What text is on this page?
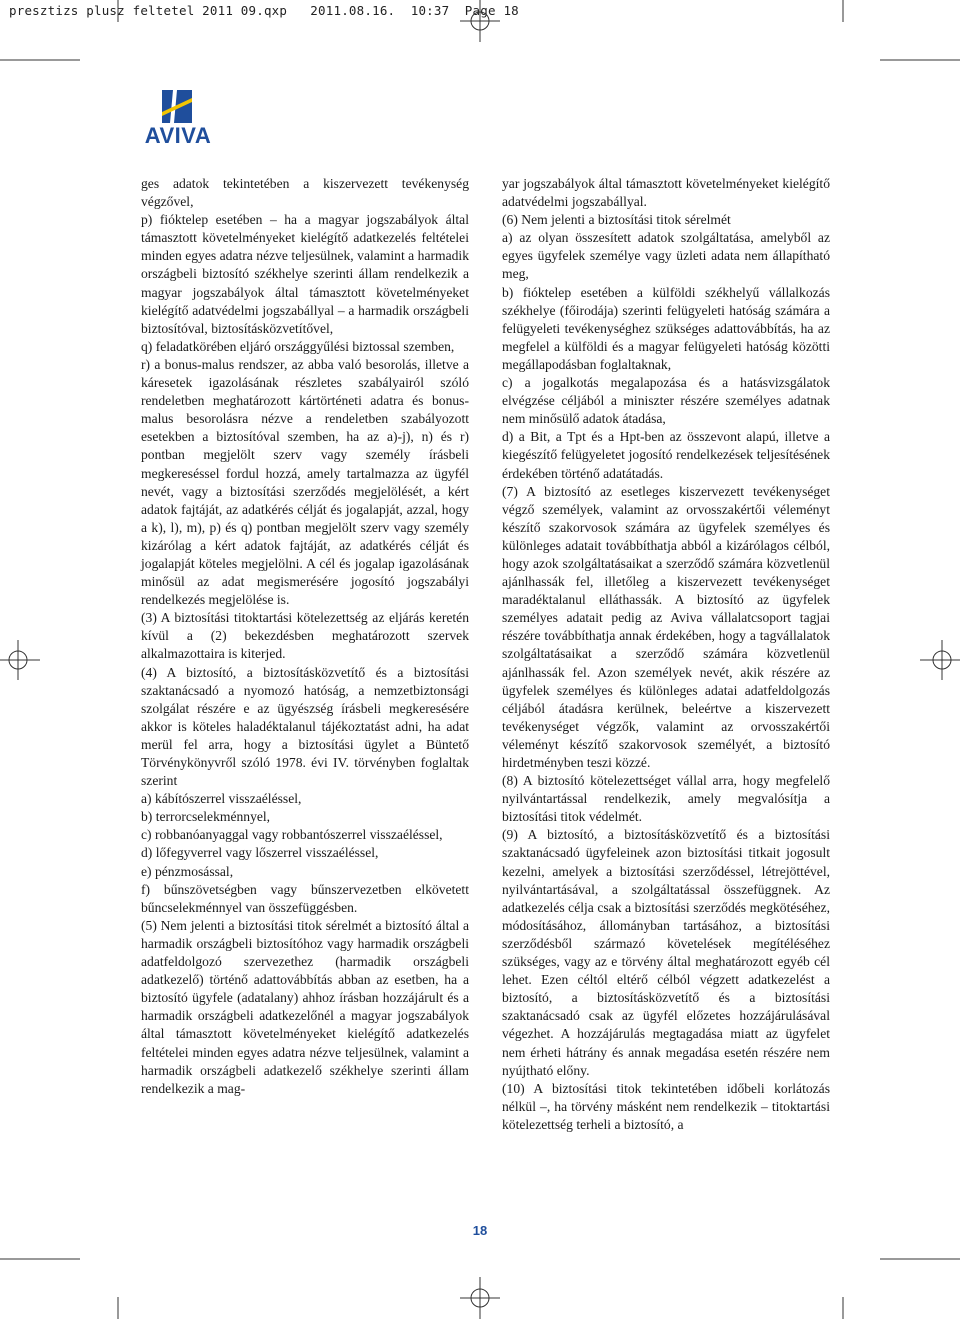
presztizs plusz feltetel 2011 09.qxp   2011.08.16.  10:37  Page 18
AVIVA

ges adatok tekintetében a kiszervezett tevékenység végzővel,

p) fióktelep esetében – ha a magyar jogszabályok által támasztott követelményeket kielégítő adatkezelés feltételei minden egyes adatra nézve teljesülnek, valamint a harmadik országbeli biztosító székhelye szerinti állam rendelkezik a magyar jogszabályok által támasztott követelményeket kielégítő adatvédelmi jogszabállyal – a harmadik országbeli biztosítóval, biztosításközvetítővel,

q) feladatkörében eljáró országgyűlési biztossal szemben,

r) a bonus-malus rendszer, az abba való besorolás, illetve a káresetek igazolásának részletes szabályairól szóló rendeletben meghatározott kártörténeti adatra és bonus-malus besorolásra nézve a rendeletben szabályozott esetekben a biztosítóval szemben, ha az a)-j), n) és r) pontban megjelölt szerv vagy személy írásbeli megkereséssel fordul hozzá, amely tartalmazza az ügyfél nevét, vagy a biztosítási szerződés megjelölését, a kért adatok fajtáját, az adatkérés célját és jogalapját, azzal, hogy a k), l), m), p) és q) pontban megjelölt szerv vagy személy kizárólag a kért adatok fajtáját, az adatkérés célját és jogalapját köteles megjelölni. A cél és jogalap igazolásának minősül az adat megismerésére jogosító jogszabályi rendelkezés megjelölése is.

(3) A biztosítási titoktartási kötelezettség az eljárás keretén kívül a (2) bekezdésben meghatározott szervek alkalmazottaira is kiterjed.

(4) A biztosító, a biztosításközvetítő és a biztosítási szaktanácsadó a nyomozó hatóság, a nemzetbiztonsági szolgálat részére e az ügyészség írásbeli megkeresésére akkor is köteles haladéktalanul tájékoztatást adni, ha adat merül fel arra, hogy a biztosítási ügylet a Büntető Törvénykönyvről szóló 1978. évi IV. törvényben foglaltak szerint

a) kábítószerrel visszaéléssel,

b) terrorcselekménnyel,

c) robbanóanyaggal vagy robbantószerrel visszaéléssel,

d) lőfegyverrel vagy lőszerrel visszaéléssel,

e) pénzmosással,

f) bűnszövetségben vagy bűnszervezetben elkövetett bűncselekménnyel van összefüggésben.

(5) Nem jelenti a biztosítási titok sérelmét a biztosító által a harmadik országbeli biztosítóhoz vagy harmadik országbeli adatfeldolgozó szervezethez (harmadik országbeli adatkezelő) történő adattovábbítás abban az esetben, ha a biztosító ügyfele (adatalany) ahhoz írásban hozzájárult és a harmadik országbeli adatkezelőnél a magyar jogszabályok által támasztott követelményeket kielégítő adatkezelés feltételei minden egyes adatra nézve teljesülnek, valamint a harmadik országbeli adatkezelő székhelye szerinti állam rendelkezik a mag-

yar jogszabályok által támasztott követelményeket kielégítő adatvédelmi jogszabállyal.

(6) Nem jelenti a biztosítási titok sérelmét

a) az olyan összesített adatok szolgáltatása, amelyből az egyes ügyfelek személye vagy üzleti adata nem állapítható meg,

b) fióktelep esetében a külföldi székhelyű vállalkozás székhelye (főirodája) szerinti felügyeleti hatóság számára a felügyeleti tevékenységhez szükséges adattovábbítás, ha az megfelel a külföldi és a magyar felügyeleti hatóság közötti megállapodásban foglaltaknak,

c) a jogalkotás megalapozása és a hatásvizsgálatok elvégzése céljából a miniszter részére személyes adatnak nem minősülő adatok átadása,

d) a Bit, a Tpt és a Hpt-ben az összevont alapú, illetve a kiegészítő felügyeletet jogosító rendelkezések teljesítésének érdekében történő adatátadás.

(7) A biztosító az esetleges kiszervezett tevékenységet végző személyek, valamint az orvosszakértői véleményt készítő szakorvosok számára az ügyfelek személyes és különleges adatait továbbíthatja abból a kizárólagos célból, hogy azok szolgáltatásaikat a szerződő számára közvetlenül ajánlhassák fel, illetőleg a kiszervezett tevékenységet maradéktalanul elláthassák. A biztosító az ügyfelek személyes adatait pedig az Aviva vállalatcsoport tagjai részére továbbíthatja annak érdekében, hogy a tagvállalatok szolgáltatásaikat a szerződő számára közvetlenül ajánlhassák fel. Azon személyek nevét, akik részére az ügyfelek személyes és különleges adatai adatfeldolgozás céljából átadásra kerülnek, beleértve a kiszervezett tevékenységet végzők, valamint az orvosszakértői véleményt készítő szakorvosok személyét, a biztosító hirdetményben teszi közzé.

(8) A biztosító kötelezettséget vállal arra, hogy megfelelő nyilvántartással rendelkezik, amely megvalósítja a biztosítási titok védelmét.

(9) A biztosító, a biztosításközvetítő és a biztosítási szaktanácsadó ügyfeleinek azon biztosítási titkait jogosult kezelni, amelyek a biztosítási szerződéssel, létrejöttével, nyilvántartásával, a szolgáltatással összefüggnek. Az adatkezelés célja csak a biztosítási szerződés megkötéséhez, módosításához, állományban tartásához, a biztosítási szerződésből származó követelések megítéléséhez szükséges, vagy az e törvény által meghatározott egyéb cél lehet. Ezen céltól eltérő célból végzett adatkezelést a biztosító, a biztosításközvetítő és a biztosítási szaktanácsadó csak az ügyfél előzetes hozzájárulásával végezhet. A hozzájárulás megtagadása miatt az ügyfelet nem érheti hátrány és annak megadása esetén részére nem nyújtható előny.

(10) A biztosítási titok tekintetében időbeli korlátozás nélkül –, ha törvény másként nem rendelkezik – titoktartási kötelezettség terheli a biztosító, a

18
